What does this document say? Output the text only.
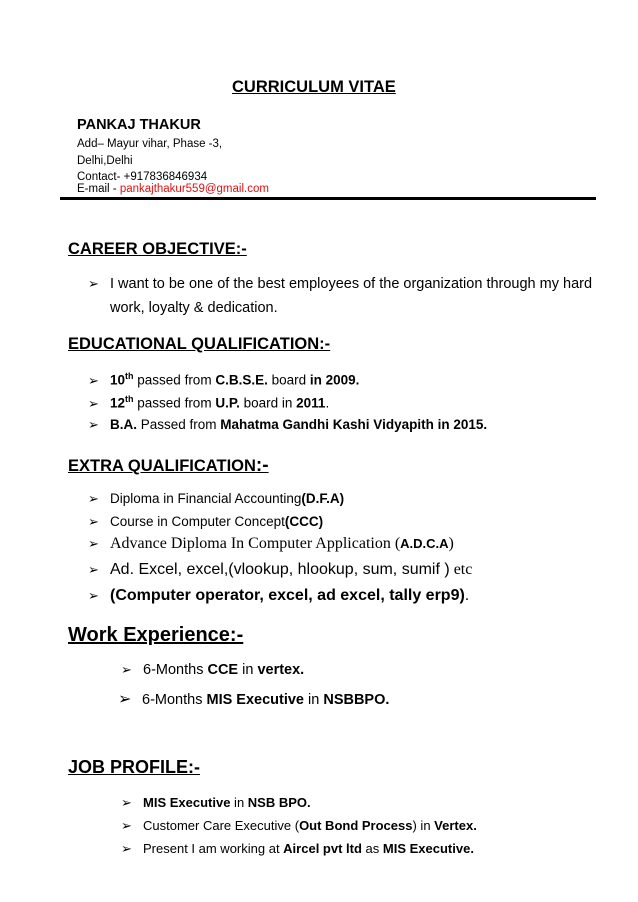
CURRICULUM VITAE
PANKAJ THAKUR
Add– Mayur vihar, Phase -3,
Delhi,Delhi
Contact- +917836846934
E-mail - pankajthakur559@gmail.com
CAREER OBJECTIVE:-
➢ I want to be one of the best employees of the organization through my hard
work, loyalty & dedication.
EDUCATIONAL QUALIFICATION:-
➢ 10th passed from C.B.S.E. board in 2009.
➢ 12th passed from U.P. board in 2011.
➢ B.A. Passed from Mahatma Gandhi Kashi Vidyapith in 2015.
EXTRA QUALIFICATION:-
➢ Diploma in Financial Accounting(D.F.A)
➢ Course in Computer Concept(CCC)
➢ Advance Diploma In Computer Application (A.D.C.A)
➢ Ad. Excel, excel,(vlookup, hlookup, sum, sumif ) etc
➢ (Computer operator, excel, ad excel, tally erp9).
Work Experience:-
➢ 6-Months CCE in vertex.
➢ 6-Months MIS Executive in NSBBPO.
JOB PROFILE:-
➢ MIS Executive in NSB BPO.
➢ Customer Care Executive (Out Bond Process) in Vertex.
➢ Present I am working at Aircel pvt ltd as MIS Executive.
